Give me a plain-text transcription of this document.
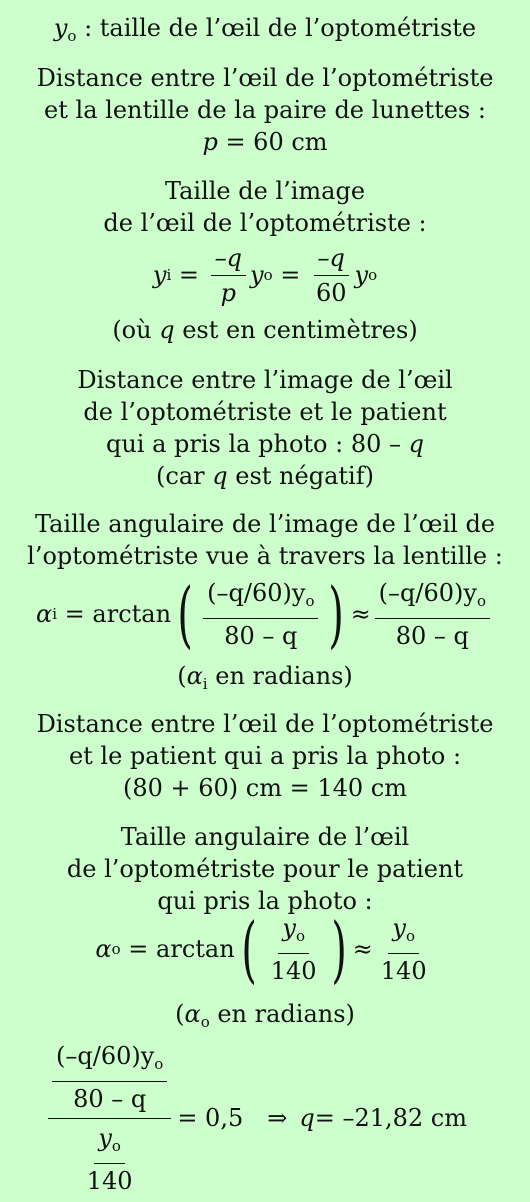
$y_o$ : taille de l’œil de l’optométriste
Distance entre l’œil de l’optométriste
et la lentille de la paire de lunettes :
p = 60 cm
Taille de l’image
de l’œil de l’optométriste :
y $i = \frac{-q}{p}$ y $o = \frac{-q}{60}$ y o
(où q est en centimètres)
Distance entre l’image de l’œil
de l’optométriste et le patient
qui a pris la photo : 80 – q
(car q est négatif)
Taille angulaire de l’image de l’œil de
l’optométriste vue à travers la lentille :
α i = arctan ( $\frac{(-q/60)y_o}{80 - q}$ ) ≈ $\frac{(-q/60)y_o}{80 - q}$
($\alpha_i$ en radians)
Distance entre l’œil de l’optométriste
et le patient qui a pris la photo :
(80 + 60) cm = 140 cm
Taille angulaire de l’œil
de l’optométriste pour le patient
qui pris la photo :
α o = arctan ( $\frac{y_o}{140}$ ) ≈ $\frac{y_o}{140}$
($\alpha_o$ en radians)
$\frac{\frac{(-q/60)y_o}{80 - q}}{\frac{y_o}{140}} = 0,5$ ⇒ q = –21,82 cm
